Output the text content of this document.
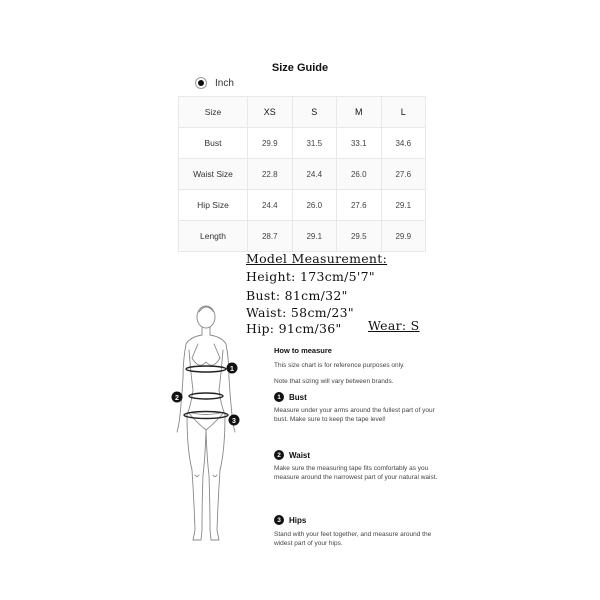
Size Guide
Inch
Size	XS	S	M	L
Bust	29.9	31.5	33.1	34.6
Waist Size	22.8	24.4	26.0	27.6
Hip Size	24.4	26.0	27.6	29.1
Length	28.7	29.1	29.5	29.9
Model Measurement:
Height: 173cm/5'7"
Bust: 81cm/32"
Waist: 58cm/23"
Hip: 91cm/36" Wear: S
1
2
3
How to measure
This size chart is for reference purposes only.
Note that sizing will vary between brands.
1	Bust
Measure under your arms around the fullest part of your bust. Make sure to keep the tape level!
2	Waist
Make sure the measuring tape fits comfortably as you measure around the narrowest part of your natural waist.
3	Hips
Stand with your feet together, and measure around the widest part of your hips.
